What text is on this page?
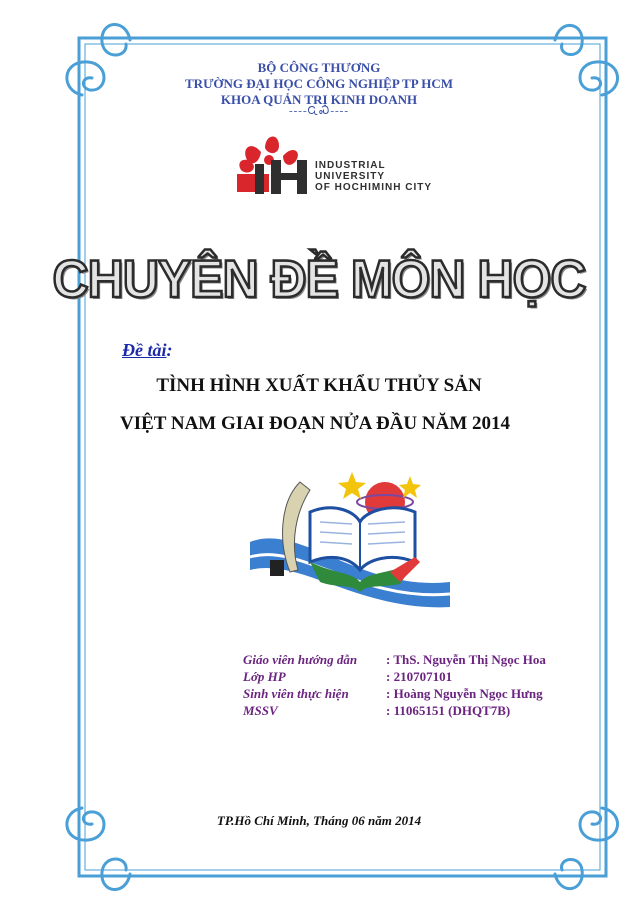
BỘ CÔNG THƯƠNG
TRƯỜNG ĐẠI HỌC CÔNG NGHIỆP TP HCM
KHOA QUẢN TRỊ KINH DOANH
----ᏩᏍ----
INDUSTRIAL
UNIVERSITY
OF HOCHIMINH CITY
CHUYÊN ĐỀ MÔN HỌC
Đề tài:
TÌNH HÌNH XUẤT KHẨU THỦY SẢN
VIỆT NAM GIAI ĐOẠN NỬA ĐẦU NĂM 2014
Giáo viên hướng dẫn	: ThS. Nguyễn Thị Ngọc Hoa
Lớp HP	: 210707101
Sinh viên thực hiện	: Hoàng Nguyễn Ngọc Hưng
MSSV	: 11065151 (DHQT7B)
TP.Hồ Chí Minh, Tháng 06 năm 2014
